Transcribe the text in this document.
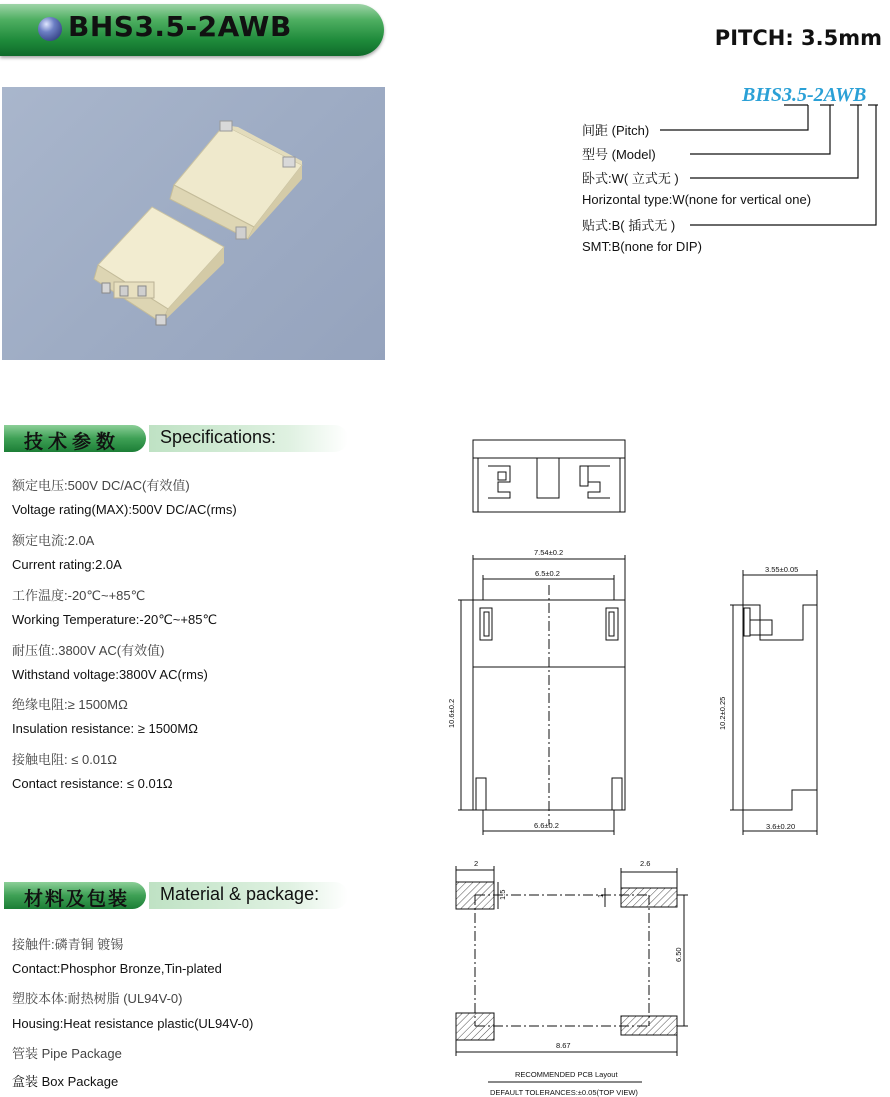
BHS3.5-2AWB	PITCH: 3.5mm
BHS3.5-2AWB
间距 (Pitch)
型号 (Model)
卧式:W( 立式无 )
Horizontal type:W(none for vertical one)
贴式:B( 插式无 )
SMT:B(none for DIP)
技术参数 Specifications:
额定电压:500V DC/AC(有效值)
Voltage rating(MAX):500V DC/AC(rms)
额定电流:2.0A
Current rating:2.0A
工作温度:-20℃~+85℃
Working Temperature:-20℃~+85℃
耐压值:.3800V AC(有效值)
Withstand voltage:3800V AC(rms)
绝缘电阻:≥ 1500MΩ
Insulation resistance: ≥ 1500MΩ
接触电阻: ≤ 0.01Ω
Contact resistance: ≤ 0.01Ω
材料及包装 Material & package:
接触件:磷青铜 镀锡
Contact:Phosphor Bronze,Tin-plated
塑胶本体:耐热树脂 (UL94V-0)
Housing:Heat resistance plastic(UL94V-0)
管装 Pipe Package
盒装 Box Package
7.54±0.2
6.5±0.2
10.6±0.2
6.6±0.2
3.55±0.05
10.2±0.25
3.6±0.20
2	2.6
1.5	1
6.50
8.67
RECOMMENDED PCB Layout
DEFAULT TOLERANCES:±0.05(TOP VIEW)
